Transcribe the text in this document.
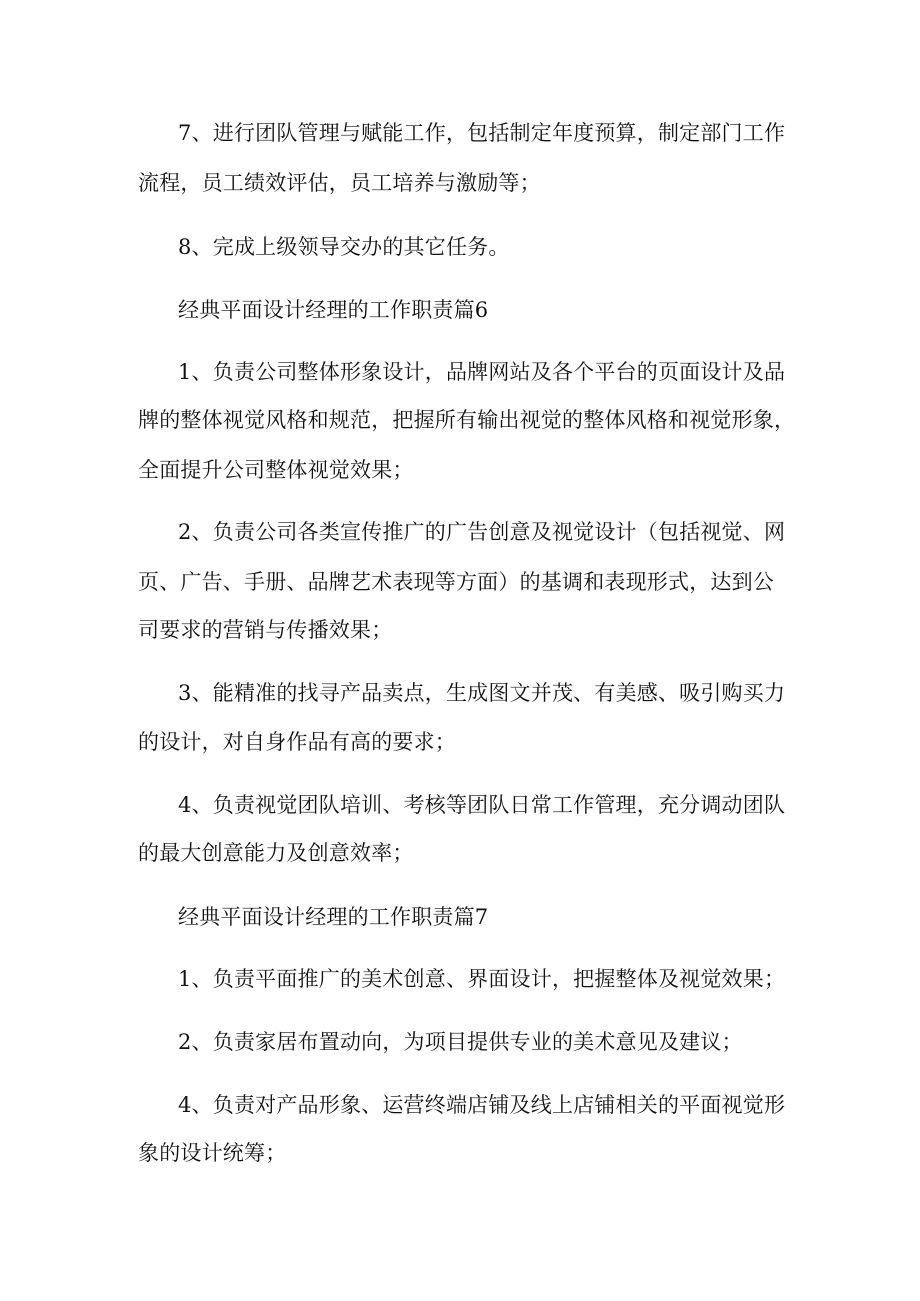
7、进行团队管理与赋能工作，包括制定年度预算，制定部门工作
流程，员工绩效评估，员工培养与激励等；
8、完成上级领导交办的其它任务。
经典平面设计经理的工作职责篇6
1、负责公司整体形象设计，品牌网站及各个平台的页面设计及品
牌的整体视觉风格和规范，把握所有输出视觉的整体风格和视觉形象，
全面提升公司整体视觉效果；
2、负责公司各类宣传推广的广告创意及视觉设计（包括视觉、网
页、广告、手册、品牌艺术表现等方面）的基调和表现形式，达到公
司要求的营销与传播效果；
3、能精准的找寻产品卖点，生成图文并茂、有美感、吸引购买力
的设计，对自身作品有高的要求；
4、负责视觉团队培训、考核等团队日常工作管理，充分调动团队
的最大创意能力及创意效率；
经典平面设计经理的工作职责篇7
1、负责平面推广的美术创意、界面设计，把握整体及视觉效果；
2、负责家居布置动向，为项目提供专业的美术意见及建议；
4、负责对产品形象、运营终端店铺及线上店铺相关的平面视觉形
象的设计统筹；
